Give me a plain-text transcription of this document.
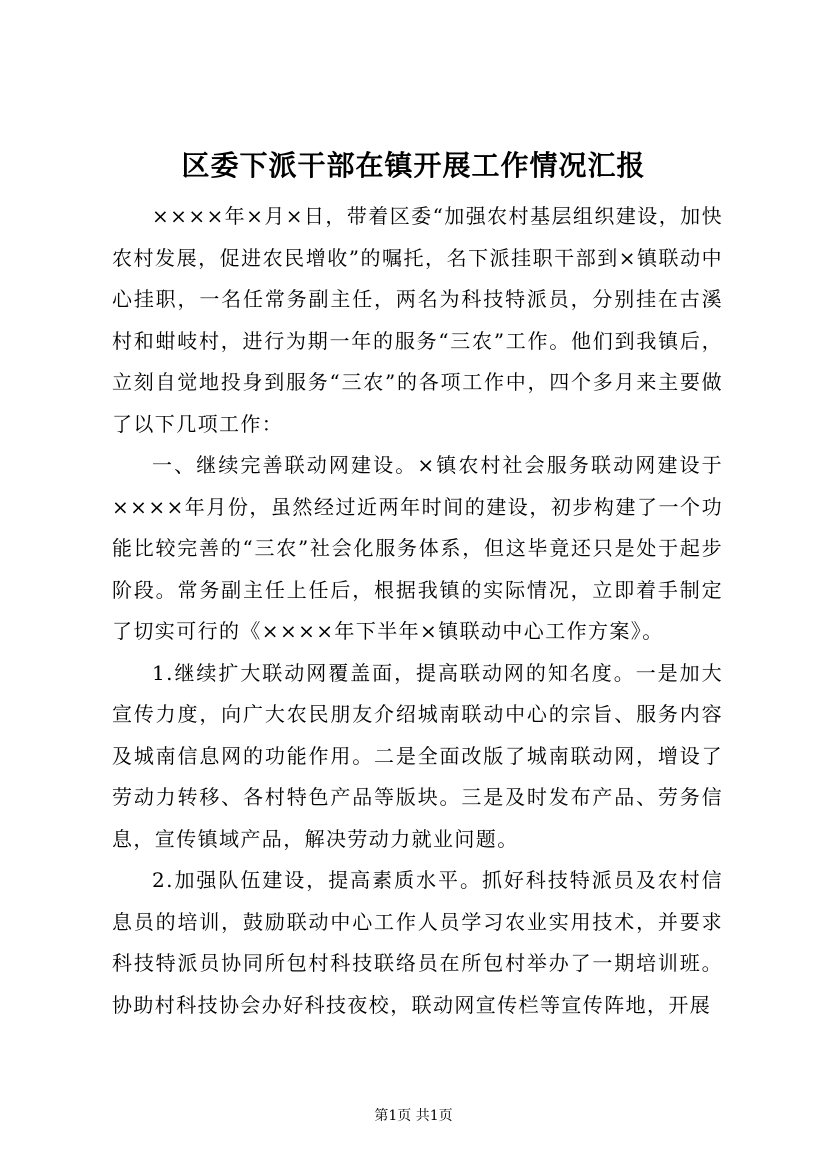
区委下派干部在镇开展工作情况汇报

××××年×月×日，带着区委“加强农村基层组织建设，加快农村发展，促进农民增收”的嘱托，名下派挂职干部到×镇联动中心挂职，一名任常务副主任，两名为科技特派员，分别挂在古溪村和蚶岐村，进行为期一年的服务“三农”工作。他们到我镇后，立刻自觉地投身到服务“三农”的各项工作中，四个多月来主要做了以下几项工作：

一、继续完善联动网建设。×镇农村社会服务联动网建设于××××年月份，虽然经过近两年时间的建设，初步构建了一个功能比较完善的“三农”社会化服务体系，但这毕竟还只是处于起步阶段。常务副主任上任后，根据我镇的实际情况，立即着手制定了切实可行的《××××年下半年×镇联动中心工作方案》。

1.继续扩大联动网覆盖面，提高联动网的知名度。一是加大宣传力度，向广大农民朋友介绍城南联动中心的宗旨、服务内容及城南信息网的功能作用。二是全面改版了城南联动网，增设了劳动力转移、各村特色产品等版块。三是及时发布产品、劳务信息，宣传镇域产品，解决劳动力就业问题。

2.加强队伍建设，提高素质水平。抓好科技特派员及农村信息员的培训，鼓励联动中心工作人员学习农业实用技术，并要求科技特派员协同所包村科技联络员在所包村举办了一期培训班。协助村科技协会办好科技夜校，联动网宣传栏等宣传阵地，开展

第1页 共1页
